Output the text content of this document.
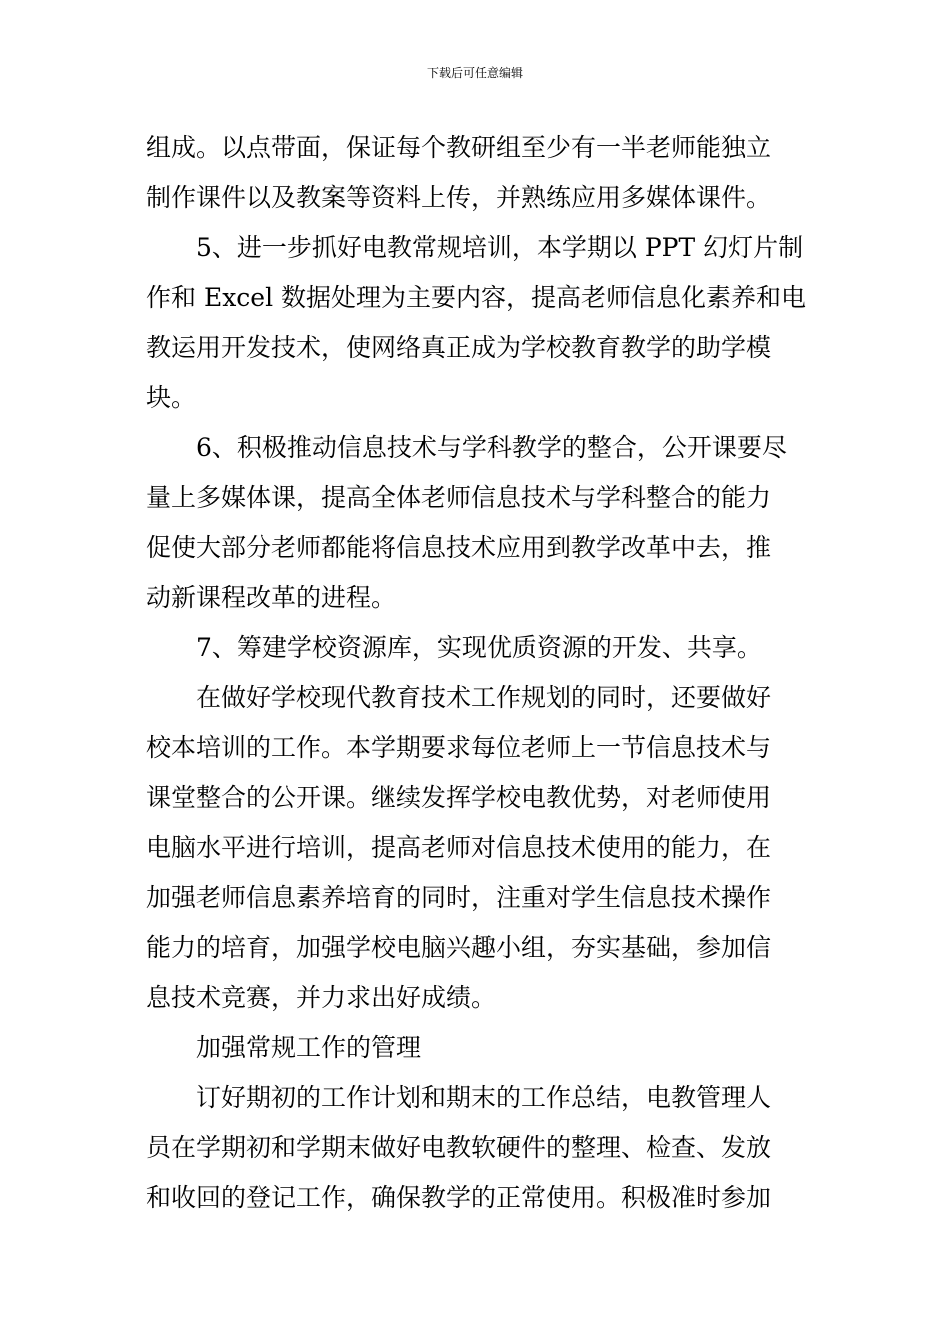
下载后可任意编辑
组成。以点带面，保证每个教研组至少有一半老师能独立
制作课件以及教案等资料上传，并熟练应用多媒体课件。
5、进一步抓好电教常规培训，本学期以 PPT 幻灯片制
作和 Excel 数据处理为主要内容，提高老师信息化素养和电
教运用开发技术，使网络真正成为学校教育教学的助学模
块。
6、积极推动信息技术与学科教学的整合，公开课要尽
量上多媒体课，提高全体老师信息技术与学科整合的能力
促使大部分老师都能将信息技术应用到教学改革中去，推
动新课程改革的进程。
7、筹建学校资源库，实现优质资源的开发、共享。
在做好学校现代教育技术工作规划的同时，还要做好
校本培训的工作。本学期要求每位老师上一节信息技术与
课堂整合的公开课。继续发挥学校电教优势，对老师使用
电脑水平进行培训，提高老师对信息技术使用的能力，在
加强老师信息素养培育的同时，注重对学生信息技术操作
能力的培育，加强学校电脑兴趣小组，夯实基础，参加信
息技术竞赛，并力求出好成绩。
加强常规工作的管理
订好期初的工作计划和期末的工作总结，电教管理人
员在学期初和学期末做好电教软硬件的整理、检查、发放
和收回的登记工作，确保教学的正常使用。积极准时参加
